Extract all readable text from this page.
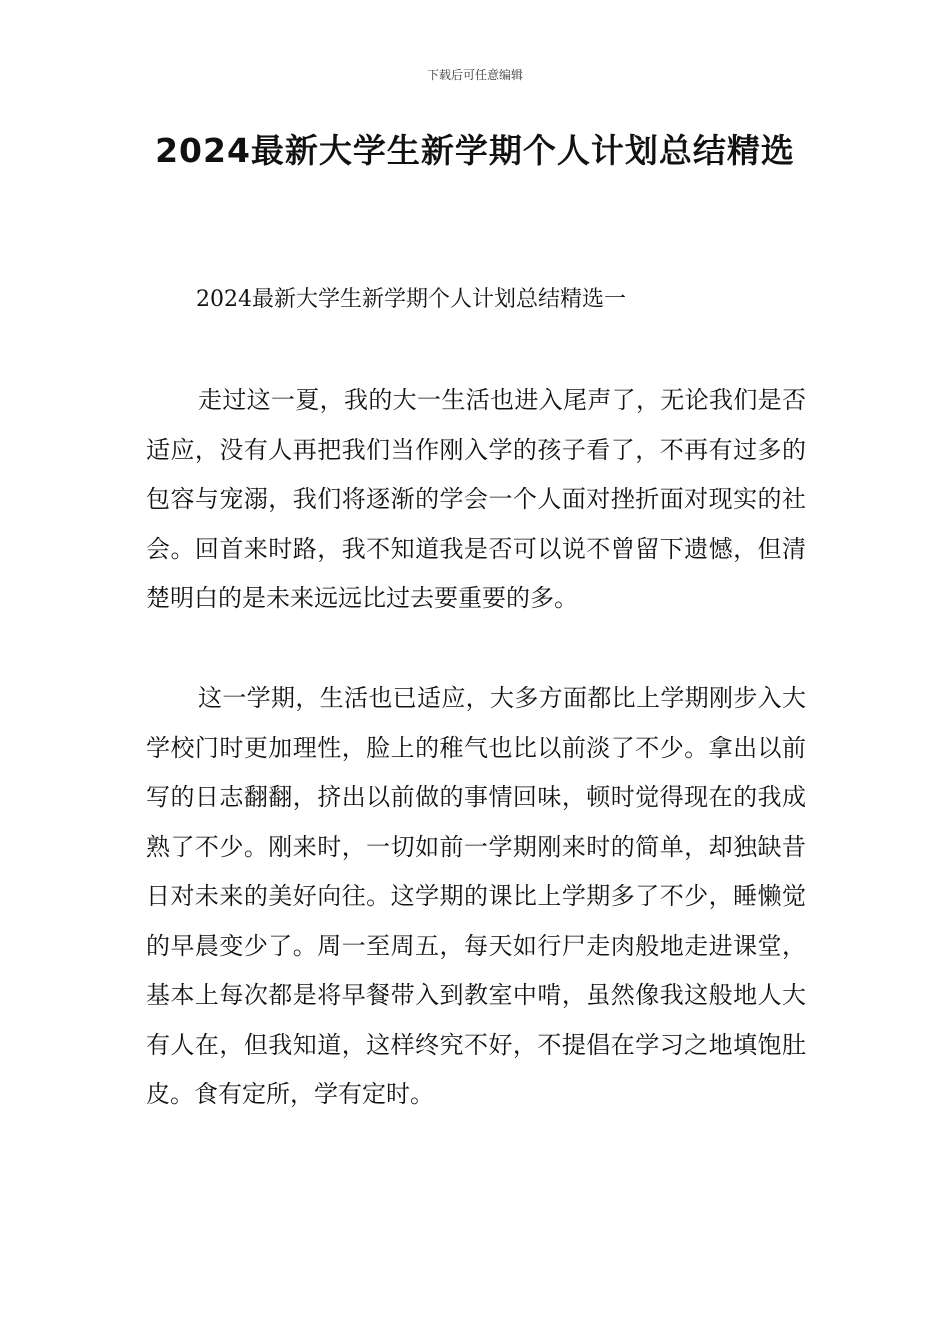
下载后可任意编辑
2024最新大学生新学期个人计划总结精选
2024最新大学生新学期个人计划总结精选一

走过这一夏，我的大一生活也进入尾声了，无论我们是否适应，没有人再把我们当作刚入学的孩子看了，不再有过多的包容与宠溺，我们将逐渐的学会一个人面对挫折面对现实的社会。回首来时路，我不知道我是否可以说不曾留下遗憾，但清楚明白的是未来远远比过去要重要的多。

这一学期，生活也已适应，大多方面都比上学期刚步入大学校门时更加理性，脸上的稚气也比以前淡了不少。拿出以前写的日志翻翻，挤出以前做的事情回味，顿时觉得现在的我成熟了不少。刚来时，一切如前一学期刚来时的简单，却独缺昔日对未来的美好向往。这学期的课比上学期多了不少，睡懒觉的早晨变少了。周一至周五，每天如行尸走肉般地走进课堂，基本上每次都是将早餐带入到教室中啃，虽然像我这般地人大有人在，但我知道，这样终究不好，不提倡在学习之地填饱肚皮。食有定所，学有定时。
